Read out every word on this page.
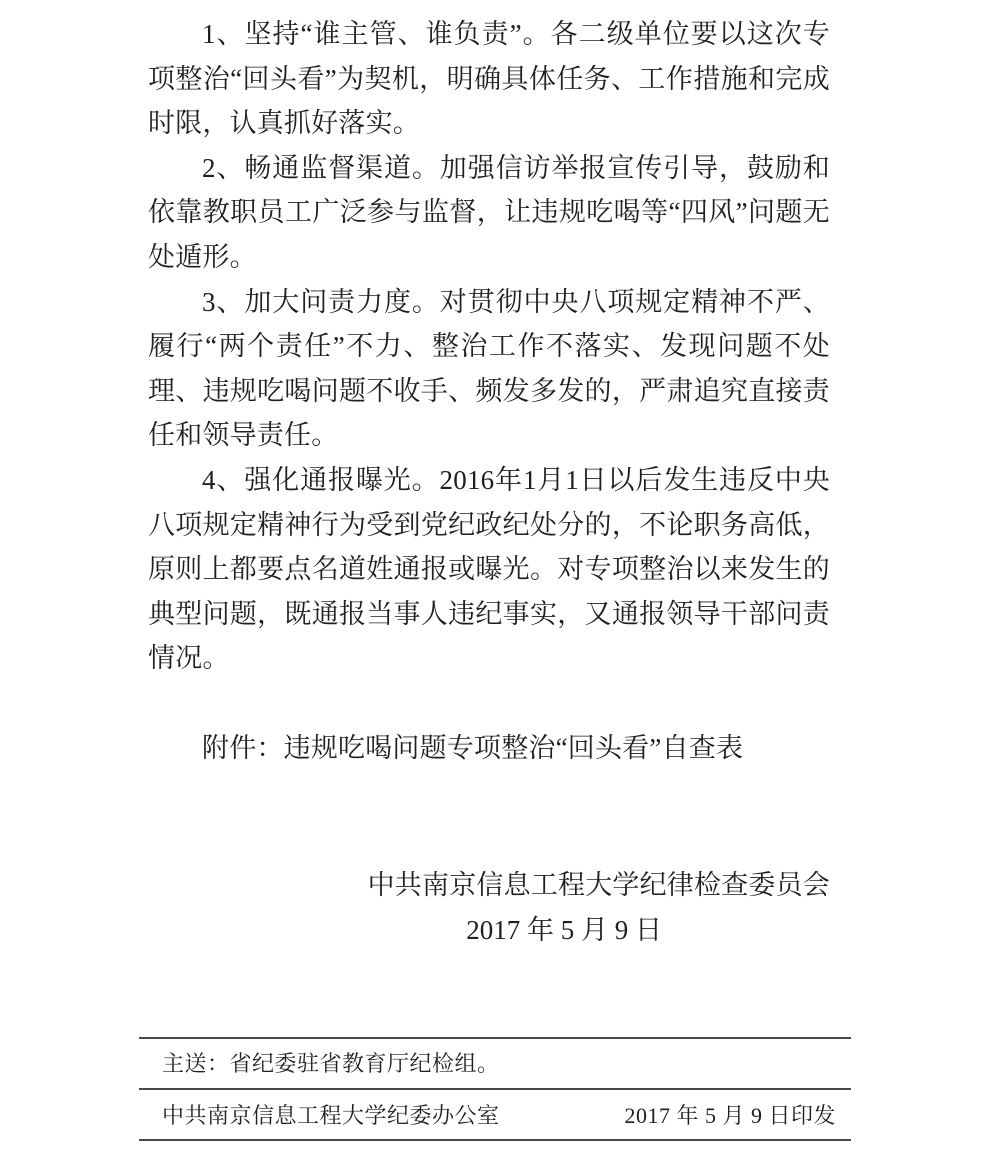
1、坚持“谁主管、谁负责”。各二级单位要以这次专项整治“回头看”为契机，明确具体任务、工作措施和完成时限，认真抓好落实。

2、畅通监督渠道。加强信访举报宣传引导，鼓励和依靠教职员工广泛参与监督，让违规吃喝等“四风”问题无处遁形。

3、加大问责力度。对贯彻中央八项规定精神不严、履行“两个责任”不力、整治工作不落实、发现问题不处理、违规吃喝问题不收手、频发多发的，严肃追究直接责任和领导责任。

4、强化通报曝光。2016年1月1日以后发生违反中央八项规定精神行为受到党纪政纪处分的，不论职务高低，原则上都要点名道姓通报或曝光。对专项整治以来发生的典型问题，既通报当事人违纪事实，又通报领导干部问责情况。

附件：违规吃喝问题专项整治“回头看”自查表

中共南京信息工程大学纪律检查委员会
2017 年 5 月 9 日
主送：省纪委驻省教育厅纪检组。
中共南京信息工程大学纪委办公室	2017 年 5 月 9 日印发
